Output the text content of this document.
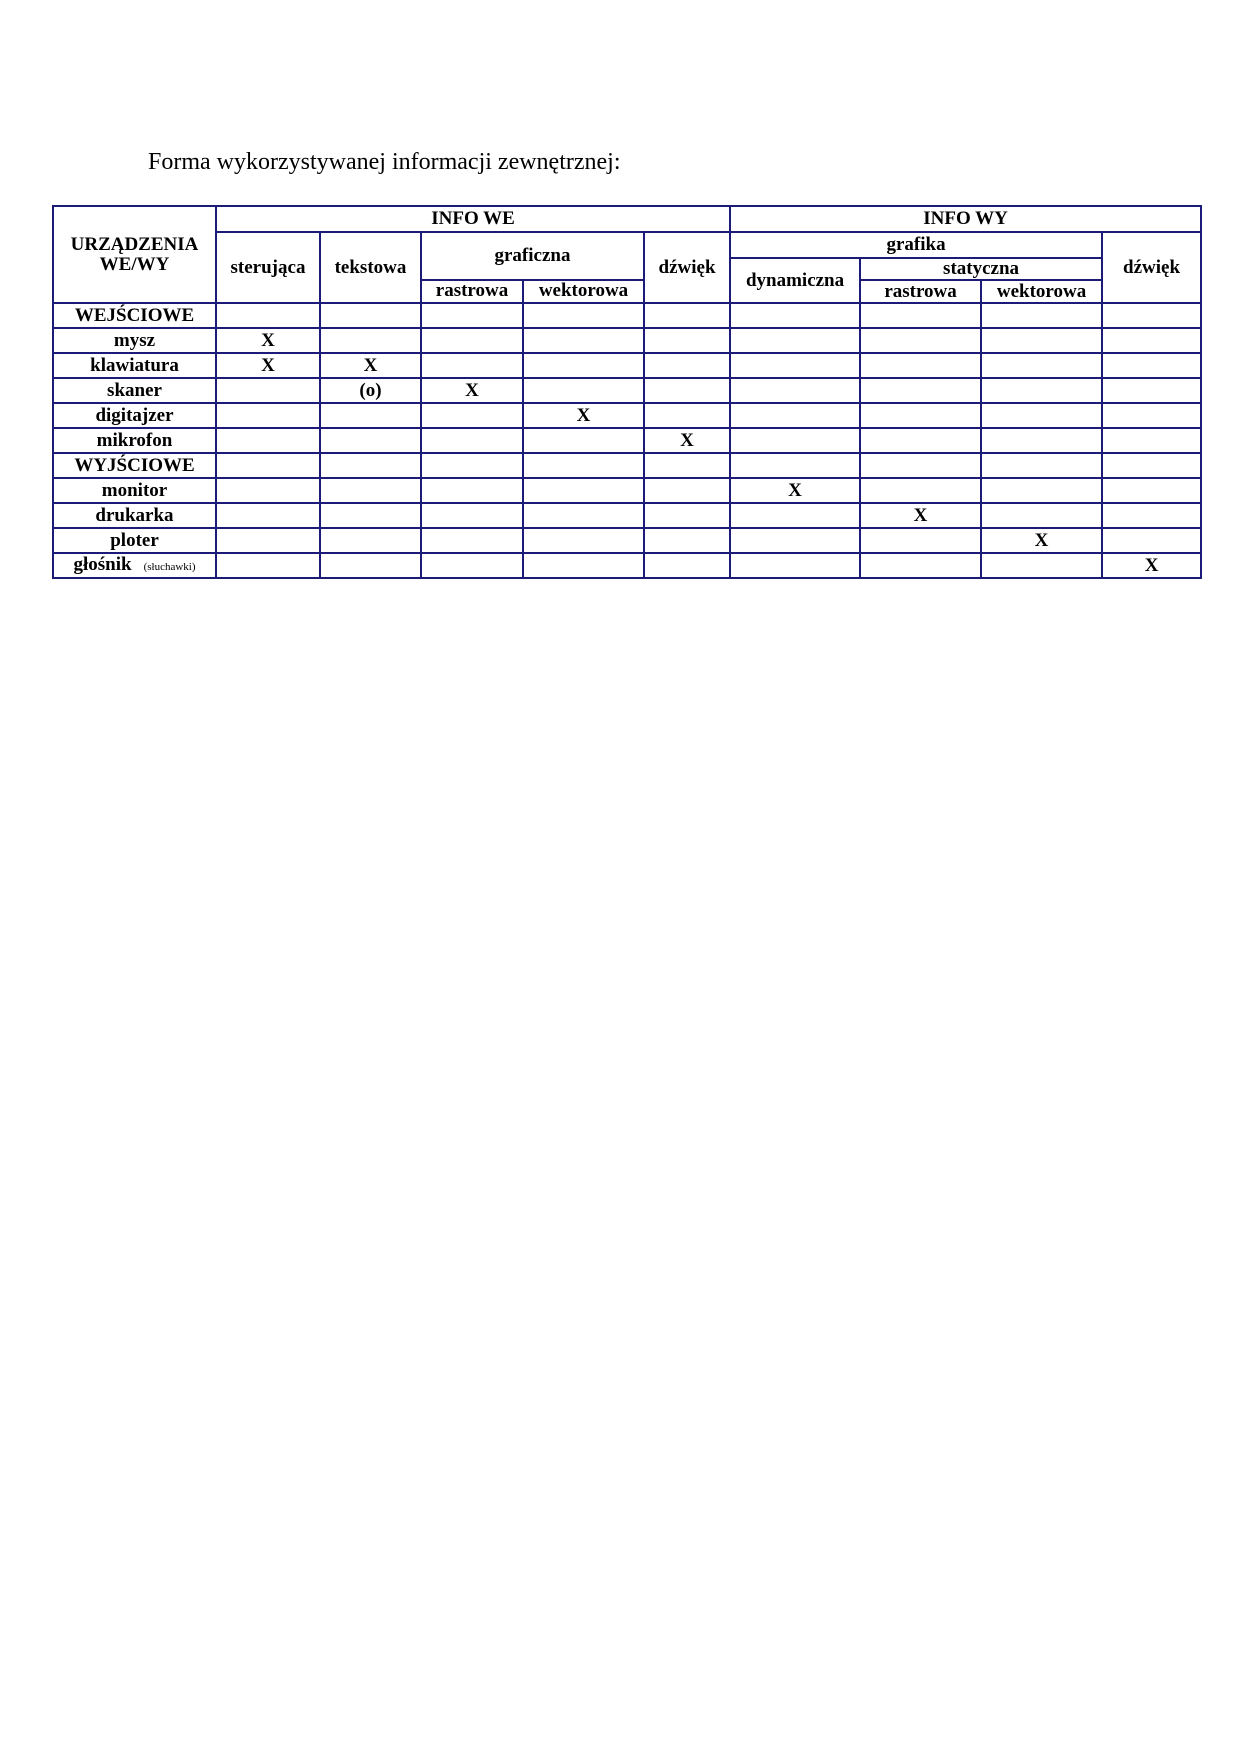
Forma wykorzystywanej informacji zewnętrznej:
URZĄDZENIA
WE/WY	INFO WE					INFO WY			
	sterująca	tekstowa	graficzna		dźwięk	grafika			dźwięk
						dynamiczna	statyczna		
			rastrowa	wektorowa			rastrowa	wektorowa	
WEJŚCIOWE									
mysz	X								
klawiatura	X	X							
skaner		(o)	X						
digitajzer				X					
mikrofon					X				
WYJŚCIOWE									
monitor						X			
drukarka							X		
ploter								X	
głośnik (słuchawki)									X
